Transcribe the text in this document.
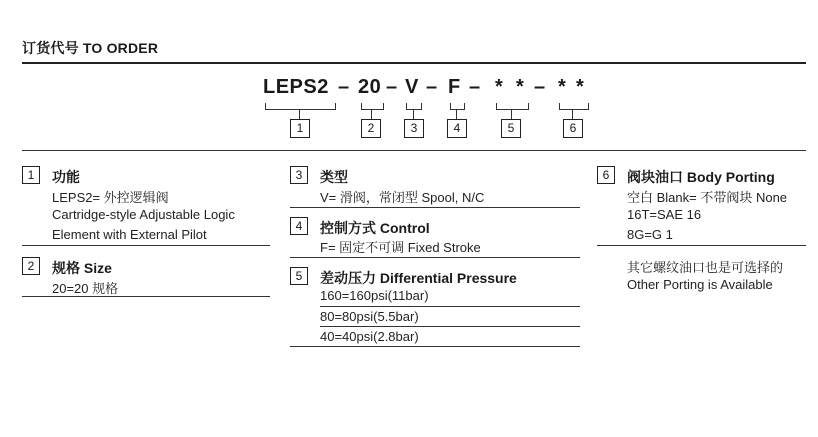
订货代号 TO ORDER
LEPS2 – 20 – V – F – * * – * *
1	2	3	4	5	6
1	功能
LEPS2= 外控逻辑阀
Cartridge-style Adjustable Logic
Element with External Pilot
2	规格 Size
20=20 规格
3	类型
V= 滑阀，常闭型 Spool, N/C
4	控制方式 Control
F= 固定不可调 Fixed Stroke
5	差动压力 Differential Pressure
160=160psi(11bar)
80=80psi(5.5bar)
40=40psi(2.8bar)
6	阀块油口 Body Porting
空白 Blank= 不带阀块 None
16T=SAE 16
8G=G 1
其它螺纹油口也是可选择的
Other Porting is Available
